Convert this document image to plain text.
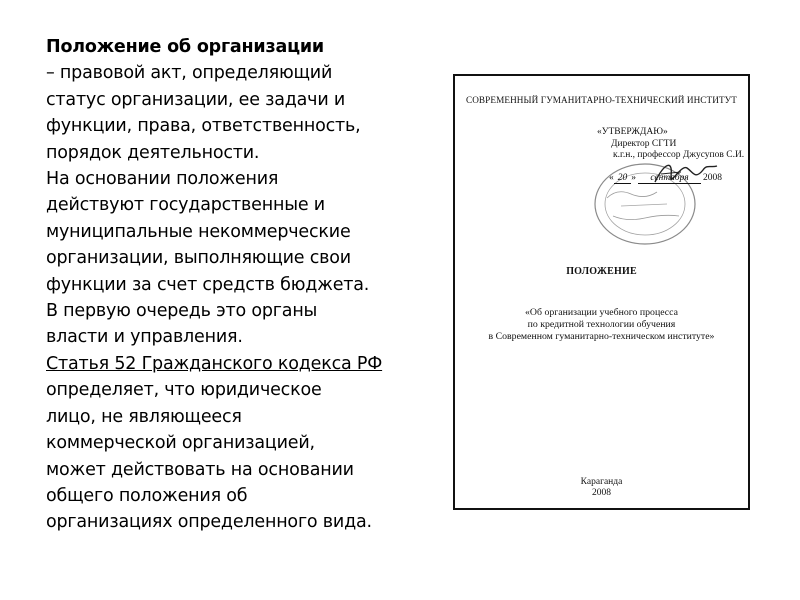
Положение об организации
– правовой акт, определяющий
статус организации, ее задачи и
функции, права, ответственность,
порядок деятельности.
На основании положения
действуют государственные и
муниципальные некоммерческие
организации, выполняющие свои
функции за счет средств бюджета.
В первую очередь это органы
власти и управления.
Статья 52 Гражданского кодекса РФ
определяет, что юридическое
лицо, не являющееся
коммерческой организацией,
может действовать на основании
общего положения об
организациях определенного вида.
СОВРЕМЕННЫЙ ГУМАНИТАРНО-ТЕХНИЧЕСКИЙ ИНСТИТУТ
«УТВЕРЖДАЮ»
Директор СГТИ
к.г.н., профессор Джусупов С.И.
« 20 » сентября 2008
ПОЛОЖЕНИЕ
«Об организации учебного процесса
по кредитной технологии обучения
в Современном гуманитарно-техническом институте»
Караганда
2008
